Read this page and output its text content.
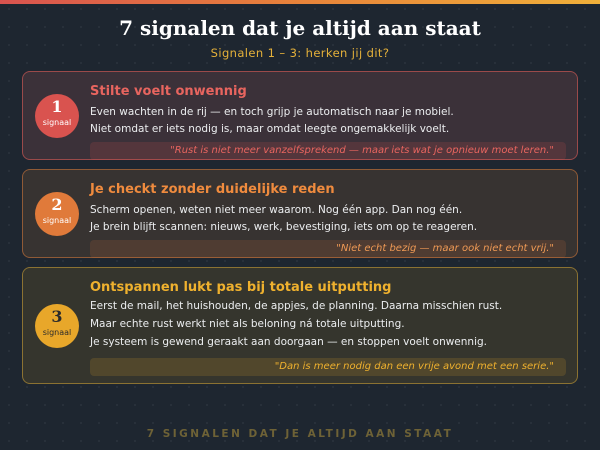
7 signalen dat je altijd aan staat
Signalen 1 – 3: herken jij dit?
1
signaal
Stilte voelt onwennig
Even wachten in de rij — en toch grijp je automatisch naar je mobiel.
Niet omdat er iets nodig is, maar omdat leegte ongemakkelijk voelt.
"Rust is niet meer vanzelfsprekend — maar iets wat je opnieuw moet leren."
2
signaal
Je checkt zonder duidelijke reden
Scherm openen, weten niet meer waarom. Nog één app. Dan nog één.
Je brein blijft scannen: nieuws, werk, bevestiging, iets om op te reageren.
"Niet echt bezig — maar ook niet echt vrij."
3
signaal
Ontspannen lukt pas bij totale uitputting
Eerst de mail, het huishouden, de appjes, de planning. Daarna misschien rust.
Maar echte rust werkt niet als beloning ná totale uitputting.
Je systeem is gewend geraakt aan doorgaan — en stoppen voelt onwennig.
"Dan is meer nodig dan een vrije avond met een serie."
7 SIGNALEN DAT JE ALTIJD AAN STAAT
